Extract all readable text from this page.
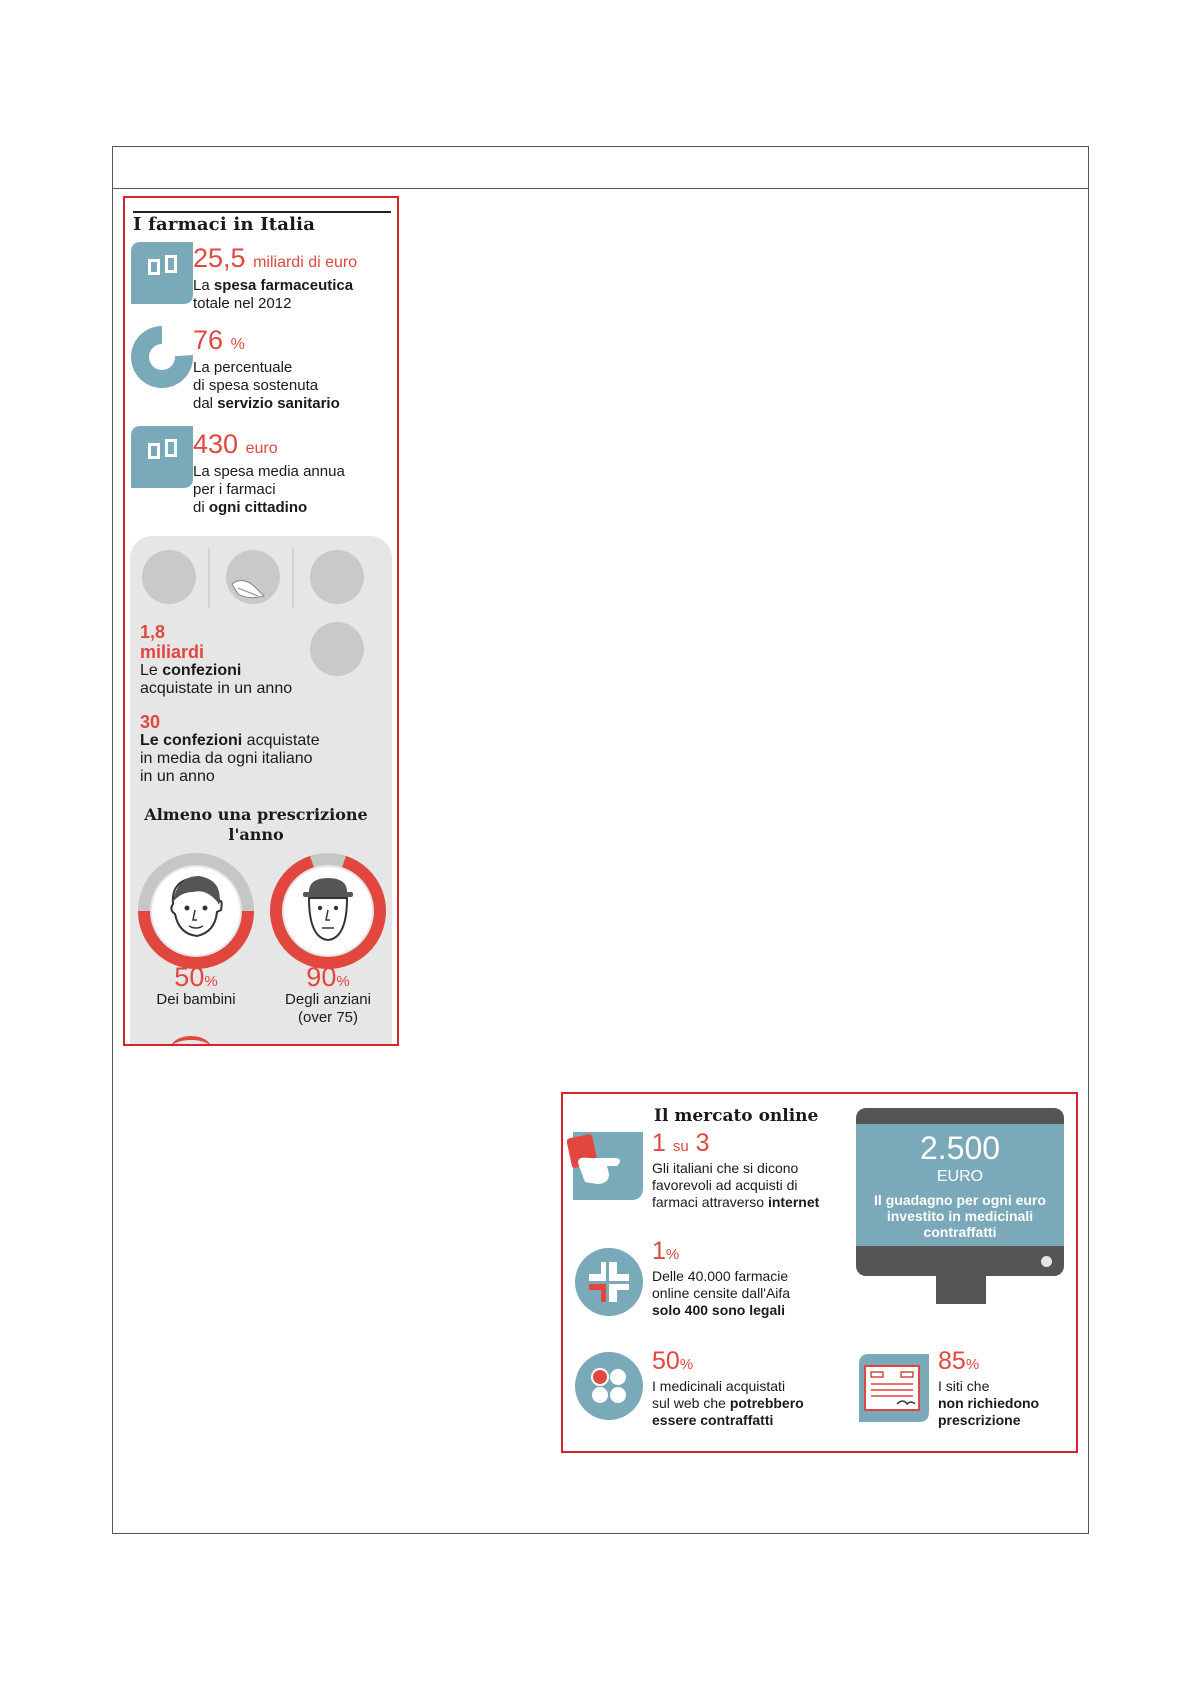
I farmaci in Italia
25,5 miliardi di euro
La spesa farmaceutica
totale nel 2012
76 %
La percentuale
di spesa sostenuta
dal servizio sanitario
430 euro
La spesa media annua
per i farmaci
di ogni cittadino
1,8
miliardi
Le confezioni
acquistate in un anno
30
Le confezioni acquistate
in media da ogni italiano
in un anno
Almeno una prescrizione
l'anno
50%
Dei bambini
90%
Degli anziani
(over 75)
Il mercato online
1 su 3
Gli italiani che si dicono
favorevoli ad acquisti di
farmaci attraverso internet
1%
Delle 40.000 farmacie
online censite dall'Aifa
solo 400 sono legali
50%
I medicinali acquistati
sul web che potrebbero
essere contraffatti
2.500
EURO
Il guadagno per ogni euro investito in medicinali contraffatti
85%
I siti che
non richiedono
prescrizione
